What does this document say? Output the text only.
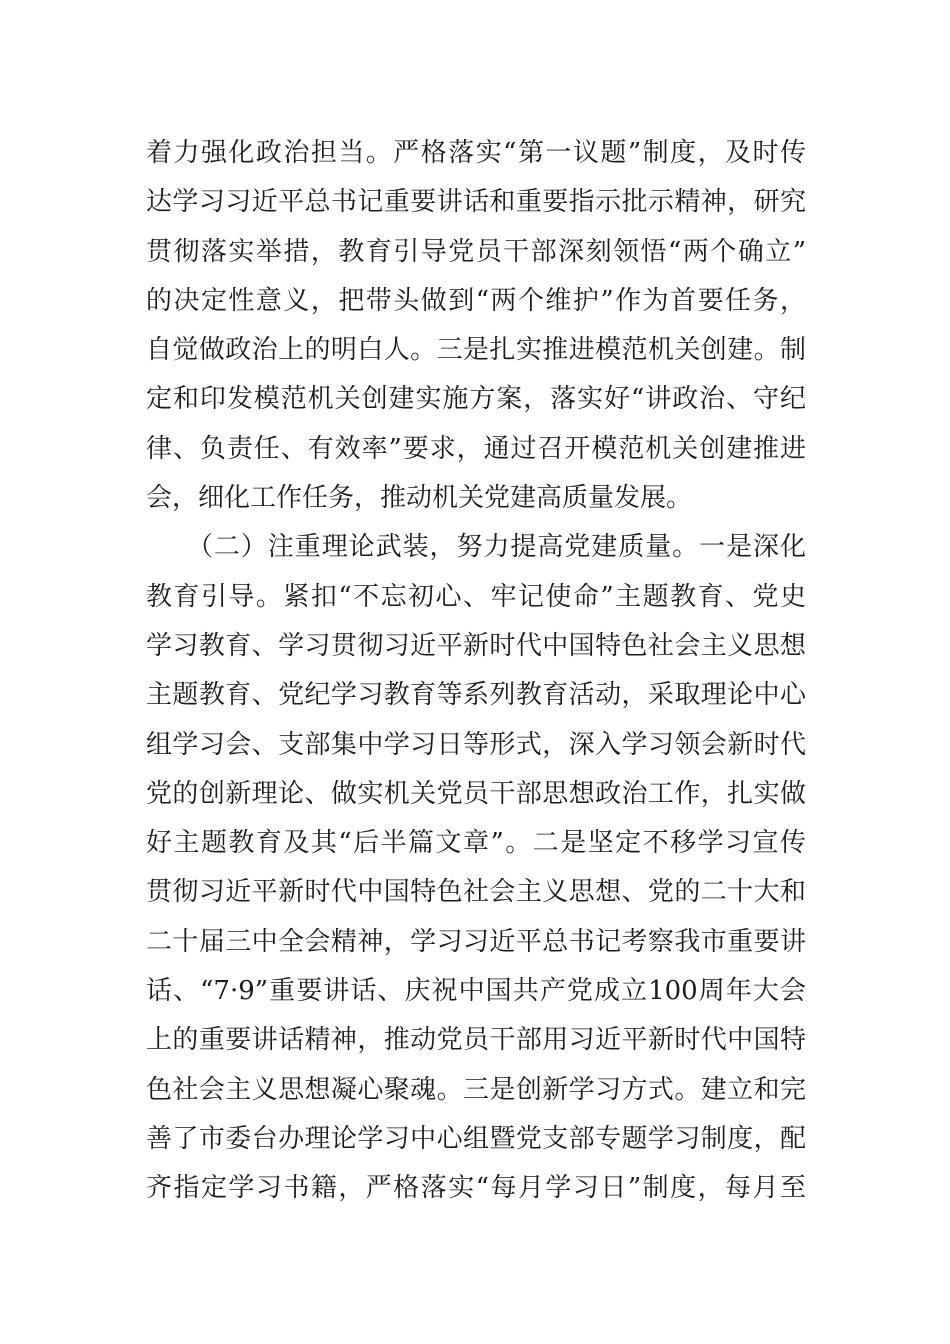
着力强化政治担当。严格落实“第一议题”制度，及时传
达学习习近平总书记重要讲话和重要指示批示精神，研究
贯彻落实举措，教育引导党员干部深刻领悟“两个确立”
的决定性意义，把带头做到“两个维护”作为首要任务，
自觉做政治上的明白人。三是扎实推进模范机关创建。制
定和印发模范机关创建实施方案，落实好“讲政治、守纪
律、负责任、有效率”要求，通过召开模范机关创建推进
会，细化工作任务，推动机关党建高质量发展。
　　（二）注重理论武装，努力提高党建质量。一是深化
教育引导。紧扣“不忘初心、牢记使命”主题教育、党史
学习教育、学习贯彻习近平新时代中国特色社会主义思想
主题教育、党纪学习教育等系列教育活动，采取理论中心
组学习会、支部集中学习日等形式，深入学习领会新时代
党的创新理论、做实机关党员干部思想政治工作，扎实做
好主题教育及其“后半篇文章”。二是坚定不移学习宣传
贯彻习近平新时代中国特色社会主义思想、党的二十大和
二十届三中全会精神，学习习近平总书记考察我市重要讲
话、“7·9”重要讲话、庆祝中国共产党成立100周年大会
上的重要讲话精神，推动党员干部用习近平新时代中国特
色社会主义思想凝心聚魂。三是创新学习方式。建立和完
善了市委台办理论学习中心组暨党支部专题学习制度，配
齐指定学习书籍，严格落实“每月学习日”制度，每月至
